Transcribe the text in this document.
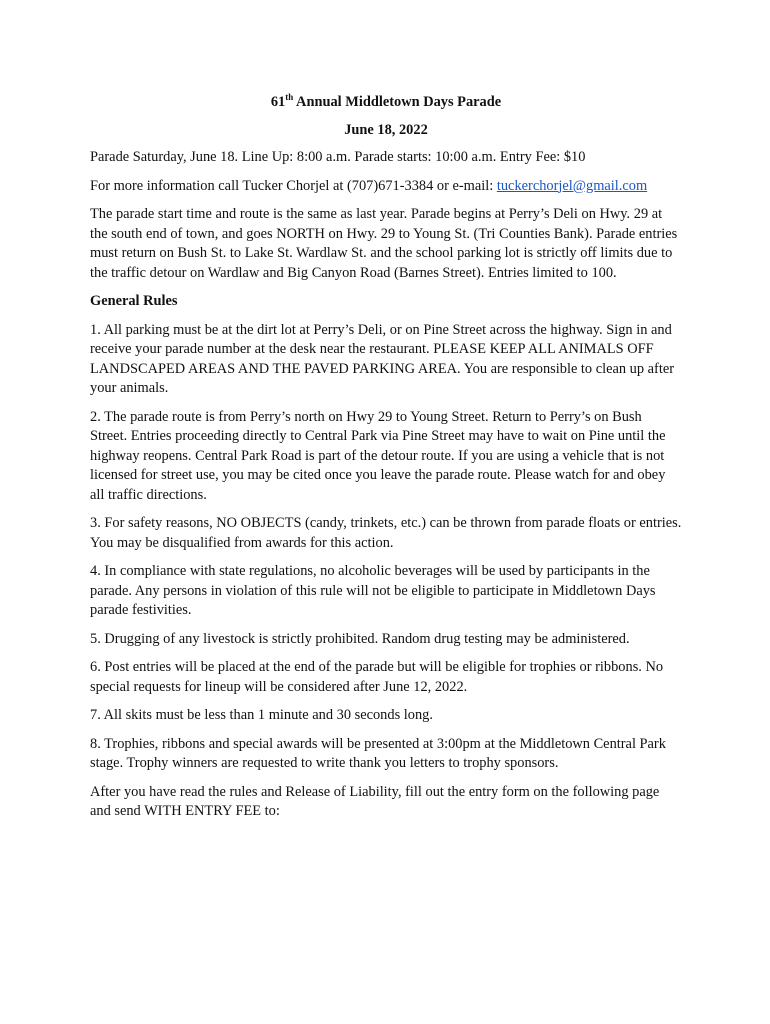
61th Annual Middletown Days Parade
June 18, 2022

Parade Saturday, June 18. Line Up: 8:00 a.m. Parade starts: 10:00 a.m. Entry Fee: $10

For more information call Tucker Chorjel at (707)671-3384 or e-mail: tuckerchorjel@gmail.com

The parade start time and route is the same as last year. Parade begins at Perry’s Deli on Hwy. 29 at the south end of town, and goes NORTH on Hwy. 29 to Young St. (Tri Counties Bank). Parade entries must return on Bush St. to Lake St. Wardlaw St. and the school parking lot is strictly off limits due to the traffic detour on Wardlaw and Big Canyon Road (Barnes Street). Entries limited to 100.

General Rules

1. All parking must be at the dirt lot at Perry’s Deli, or on Pine Street across the highway. Sign in and receive your parade number at the desk near the restaurant. PLEASE KEEP ALL ANIMALS OFF LANDSCAPED AREAS AND THE PAVED PARKING AREA. You are responsible to clean up after your animals.

2. The parade route is from Perry’s north on Hwy 29 to Young Street. Return to Perry’s on Bush Street. Entries proceeding directly to Central Park via Pine Street may have to wait on Pine until the highway reopens. Central Park Road is part of the detour route. If you are using a vehicle that is not licensed for street use, you may be cited once you leave the parade route. Please watch for and obey all traffic directions.

3. For safety reasons, NO OBJECTS (candy, trinkets, etc.) can be thrown from parade floats or entries. You may be disqualified from awards for this action.

4. In compliance with state regulations, no alcoholic beverages will be used by participants in the parade. Any persons in violation of this rule will not be eligible to participate in Middletown Days parade festivities.

5. Drugging of any livestock is strictly prohibited. Random drug testing may be administered.

6. Post entries will be placed at the end of the parade but will be eligible for trophies or ribbons. No special requests for lineup will be considered after June 12, 2022.

7. All skits must be less than 1 minute and 30 seconds long.

8. Trophies, ribbons and special awards will be presented at 3:00pm at the Middletown Central Park stage. Trophy winners are requested to write thank you letters to trophy sponsors.

After you have read the rules and Release of Liability, fill out the entry form on the following page and send WITH ENTRY FEE to:
